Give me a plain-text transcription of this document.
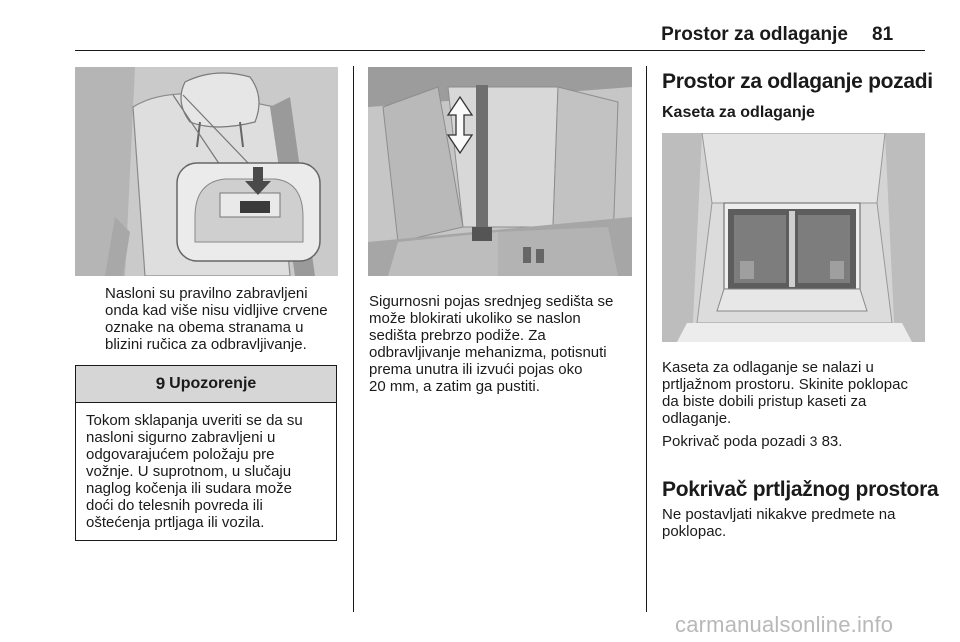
Prostor za odlaganje 81
Nasloni su pravilno zabravljeni
onda kad više nisu vidljive crvene
oznake na obema stranama u
blizini ručica za odbravljivanje.
9 Upozorenje
Tokom sklapanja uveriti se da su
nasloni sigurno zabravljeni u
odgovarajućem položaju pre
vožnje. U suprotnom, u slučaju
naglog kočenja ili sudara može
doći do telesnih povreda ili
oštećenja prtljaga ili vozila.
Sigurnosni pojas srednjeg sedišta se
može blokirati ukoliko se naslon
sedišta prebrzo podiže. Za
odbravljivanje mehanizma, potisnuti
prema unutra ili izvući pojas oko
20 mm, a zatim ga pustiti.
Prostor za odlaganje pozadi
Kaseta za odlaganje
Kaseta za odlaganje se nalazi u
prtljažnom prostoru. Skinite poklopac
da biste dobili pristup kaseti za
odlaganje.
Pokrivač poda pozadi 3 83.
Pokrivač prtljažnog prostora
Ne postavljati nikakve predmete na
poklopac.
carmanualsonline.info
